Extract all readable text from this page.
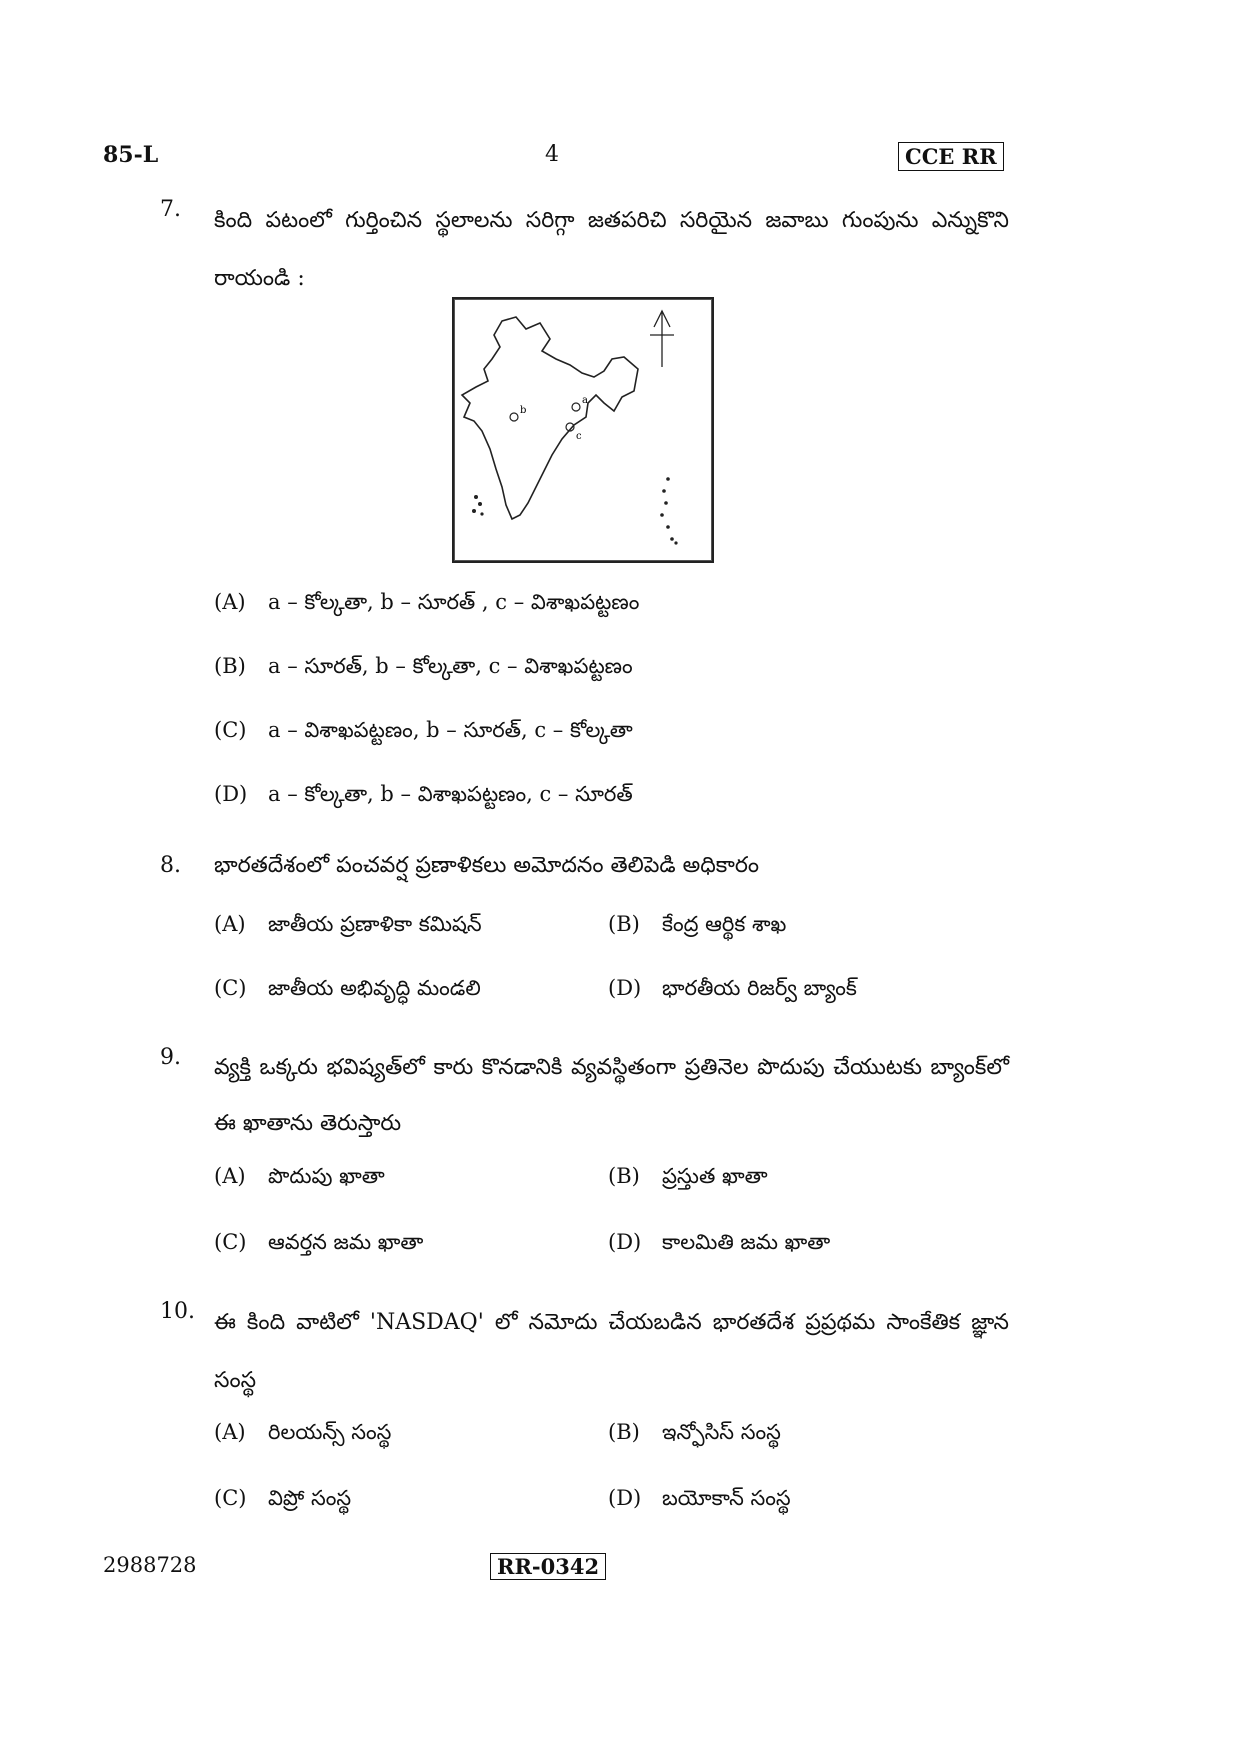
85-L	4	CCE RR
7. కింది పటంలో గుర్తించిన స్థలాలను సరిగ్గా జతపరిచి సరియైన జవాబు గుంపును ఎన్నుకొని రాయండి :
a
b
c
(A) a – కోల్కతా, b – సూరత్ , c – విశాఖపట్టణం
(B) a – సూరత్, b – కోల్కతా, c – విశాఖపట్టణం
(C) a – విశాఖపట్టణం, b – సూరత్, c – కోల్కతా
(D) a – కోల్కతా, b – విశాఖపట్టణం, c – సూరత్
8. భారతదేశంలో పంచవర్ష ప్రణాళికలు అమోదనం తెలిపెడి అధికారం
(A) జాతీయ ప్రణాళికా కమిషన్	(B) కేంద్ర ఆర్థిక శాఖ
(C) జాతీయ అభివృద్ధి మండలి	(D) భారతీయ రిజర్వ్ బ్యాంక్
9. వ్యక్తి ఒక్కరు భవిష్యత్‌లో కారు కొనడానికి వ్యవస్థితంగా ప్రతినెల పొదుపు చేయుటకు బ్యాంక్‌లో ఈ ఖాతాను తెరుస్తారు
(A) పొదుపు ఖాతా	(B) ప్రస్తుత ఖాతా
(C) ఆవర్తన జమ ఖాతా	(D) కాలమితి జమ ఖాతా
10. ఈ కింది వాటిలో 'NASDAQ' లో నమోదు చేయబడిన భారతదేశ ప్రప్రథమ సాంకేతిక జ్ఞాన సంస్థ
(A) రిలయన్స్ సంస్థ	(B) ఇన్ఫోసిస్ సంస్థ
(C) విప్రో సంస్థ	(D) బయోకాన్ సంస్థ
2988728	RR-0342
